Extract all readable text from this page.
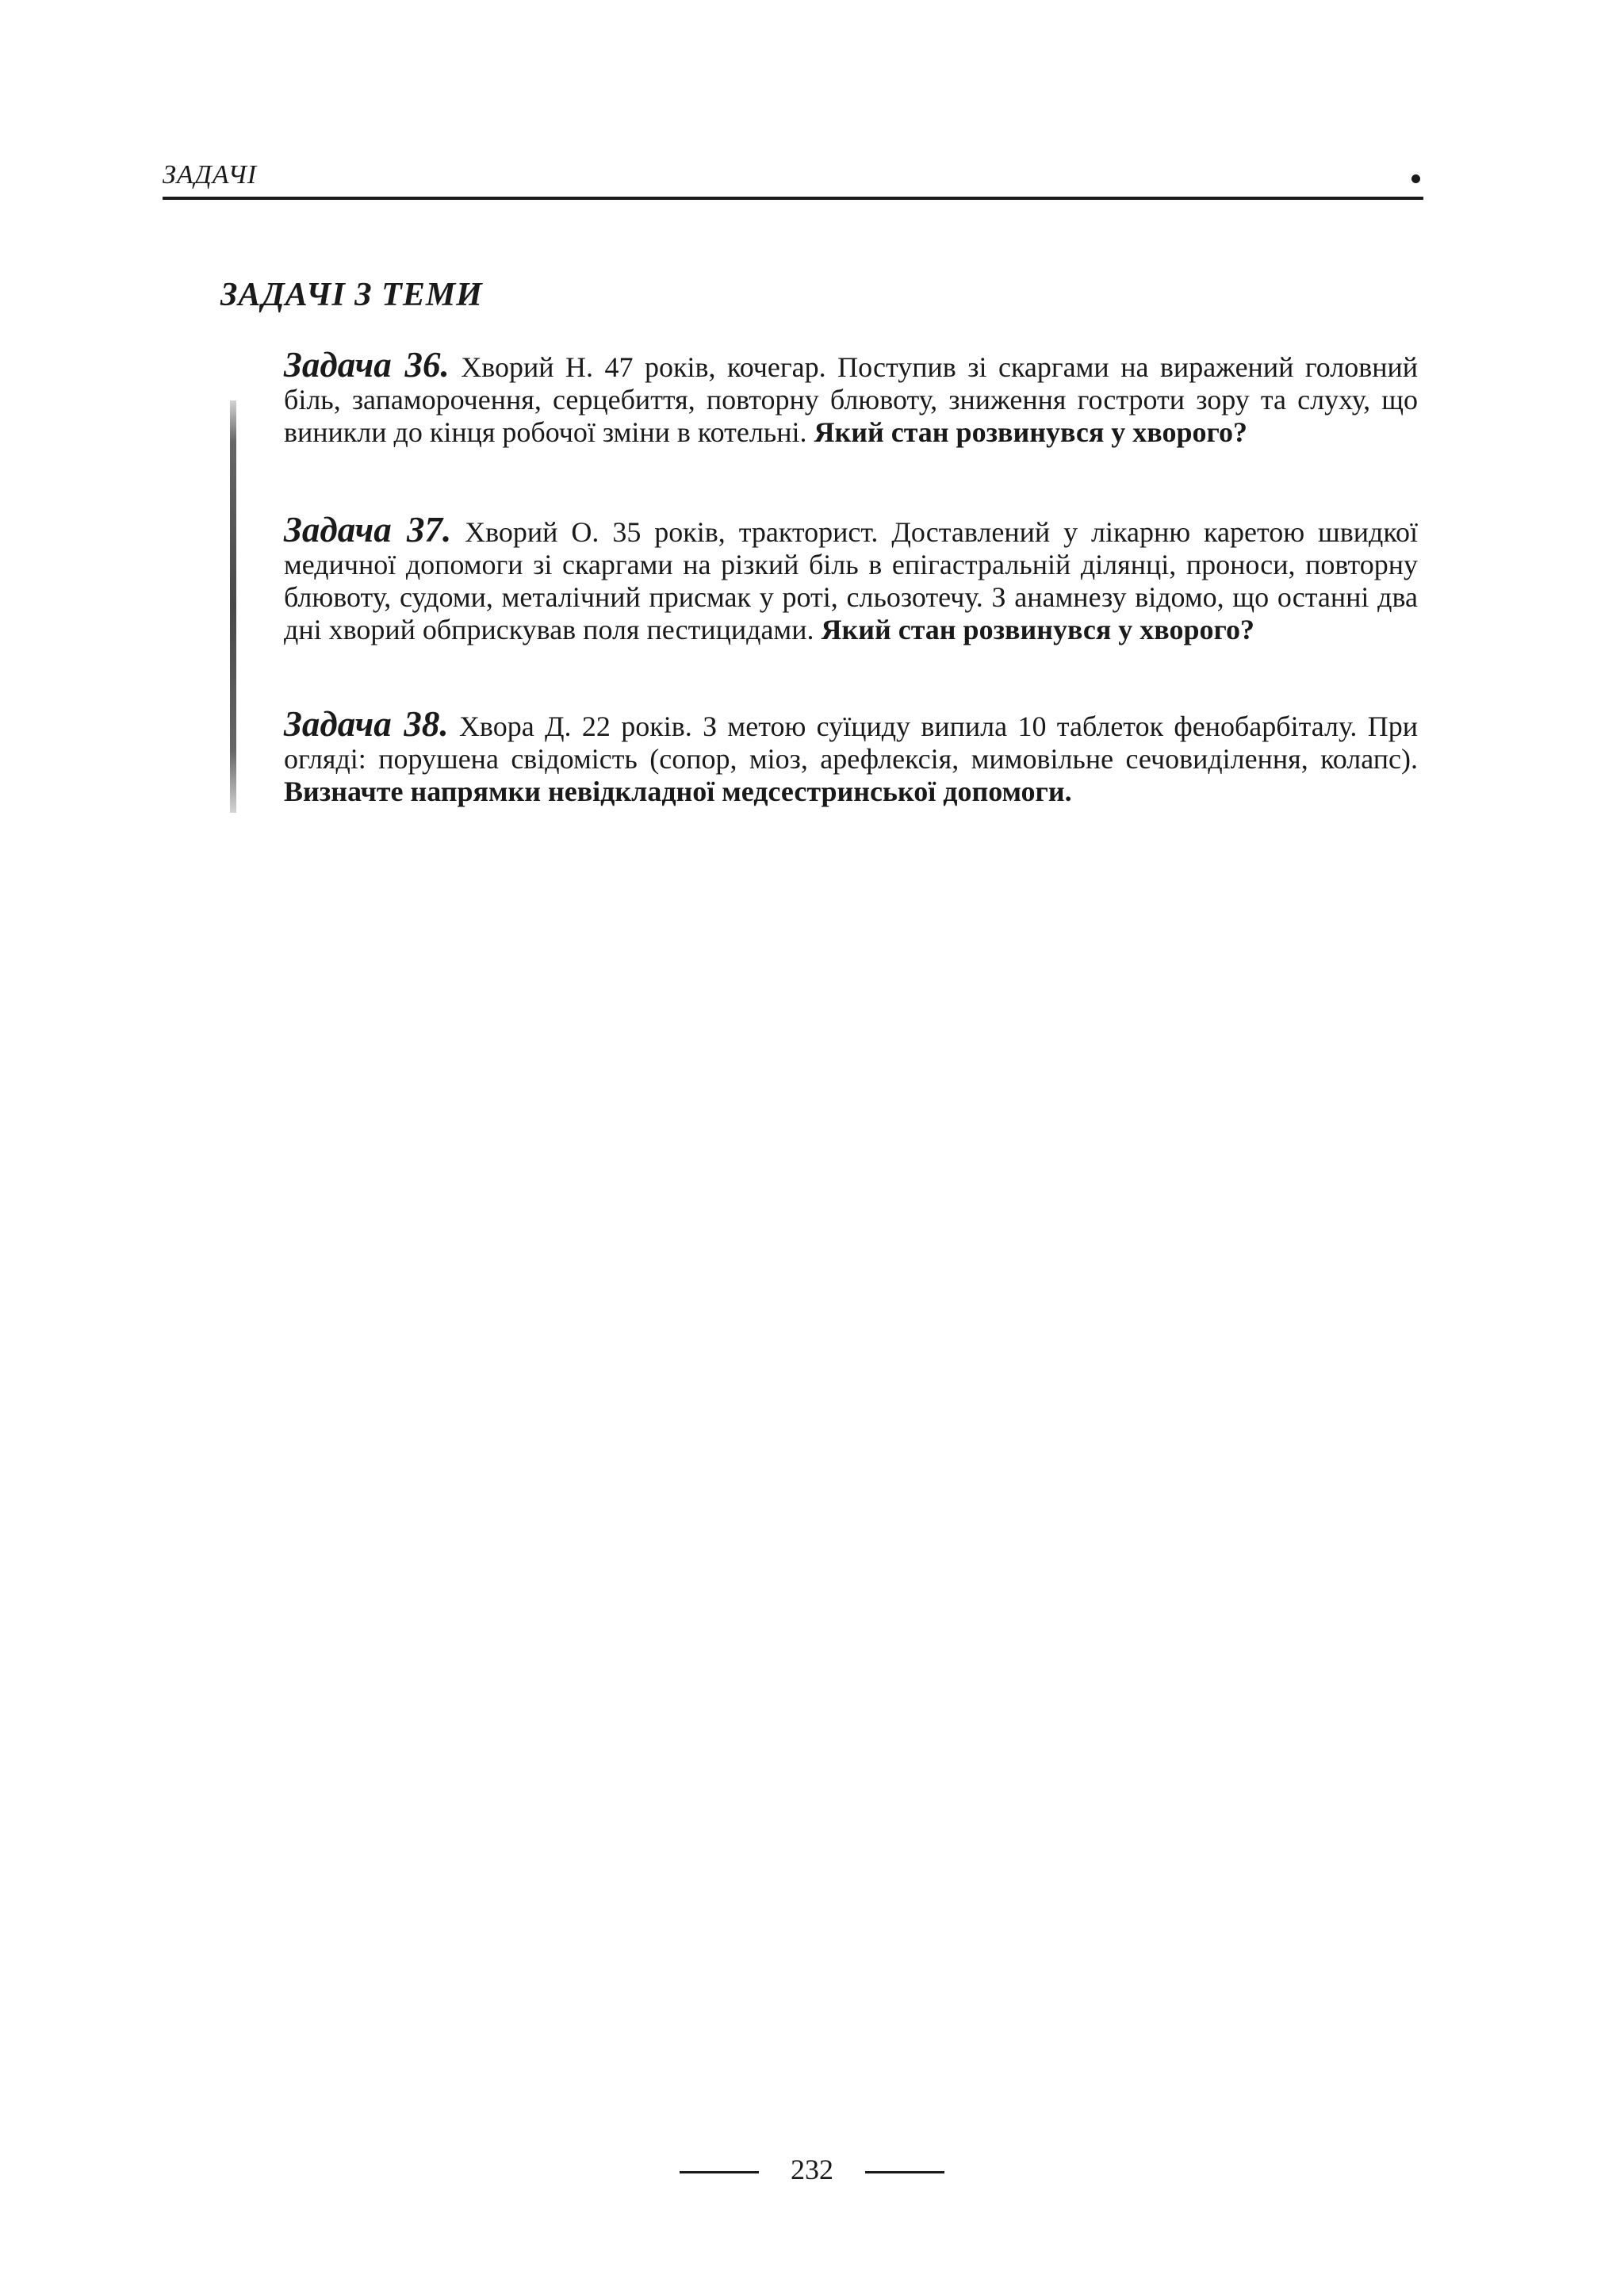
ЗАДАЧІ
ЗАДАЧІ З ТЕМИ

Задача 36. Хворий Н. 47 років, кочегар. Поступив зі скаргами на виражений головний біль, запаморочення, серцебиття, повторну блювоту, зниження гостроти зору та слуху, що виникли до кінця робочої зміни в котельні. Який стан розвинувся у хворого?

Задача 37. Хворий О. 35 років, тракторист. Доставлений у лікарню каретою швидкої медичної допомоги зі скаргами на різкий біль в епігастральній ділянці, проноси, повторну блювоту, судоми, металічний присмак у роті, сльозотечу. З анамнезу відомо, що останні два дні хворий обприскував поля пестицидами. Який стан розвинувся у хворого?

Задача 38. Хвора Д. 22 років. З метою суїциду випила 10 таблеток фенобарбіталу. При огляді: порушена свідомість (сопор, міоз, арефлексія, мимовільне сечовиділення, колапс). Визначте напрямки невідкладної медсестринської допомоги.

232
